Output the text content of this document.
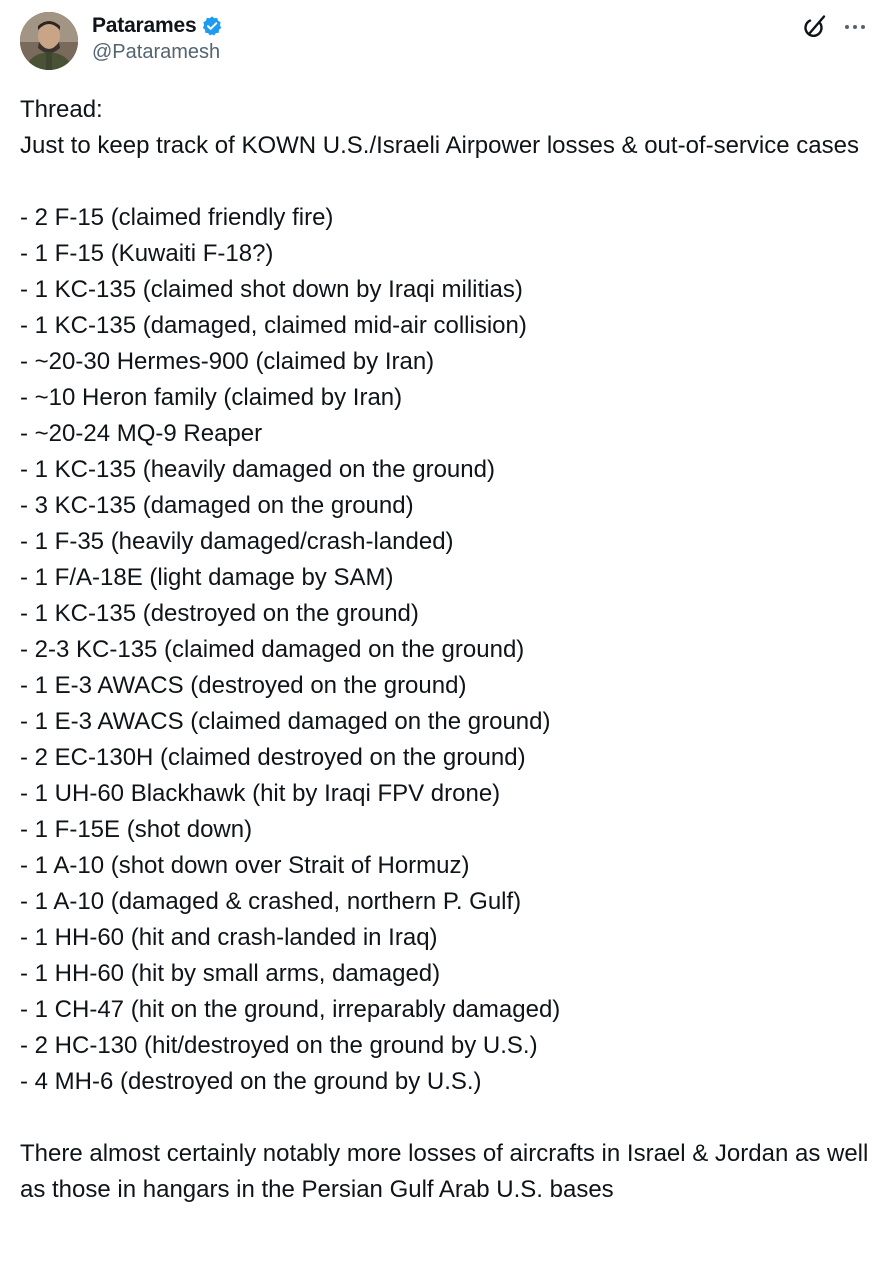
Patarames
@Pataramesh
Thread:
Just to keep track of KOWN U.S./Israeli Airpower losses & out-of-service cases
- 2 F-15 (claimed friendly fire)
- 1 F-15 (Kuwaiti F-18?)
- 1 KC-135 (claimed shot down by Iraqi militias)
- 1 KC-135 (damaged, claimed mid-air collision)
- ~20-30 Hermes-900 (claimed by Iran)
- ~10 Heron family (claimed by Iran)
- ~20-24 MQ-9 Reaper
- 1 KC-135 (heavily damaged on the ground)
- 3 KC-135 (damaged on the ground)
- 1 F-35 (heavily damaged/crash-landed)
- 1 F/A-18E (light damage by SAM)
- 1 KC-135 (destroyed on the ground)
- 2-3 KC-135 (claimed damaged on the ground)
- 1 E-3 AWACS (destroyed on the ground)
- 1 E-3 AWACS (claimed damaged on the ground)
- 2 EC-130H (claimed destroyed on the ground)
- 1 UH-60 Blackhawk (hit by Iraqi FPV drone)
- 1 F-15E (shot down)
- 1 A-10 (shot down over Strait of Hormuz)
- 1 A-10 (damaged & crashed, northern P. Gulf)
- 1 HH-60 (hit and crash-landed in Iraq)
- 1 HH-60 (hit by small arms, damaged)
- 1 CH-47 (hit on the ground, irreparably damaged)
- 2 HC-130 (hit/destroyed on the ground by U.S.)
- 4 MH-6 (destroyed on the ground by U.S.)
There almost certainly notably more losses of aircrafts in Israel & Jordan as well as those in hangars in the Persian Gulf Arab U.S. bases
